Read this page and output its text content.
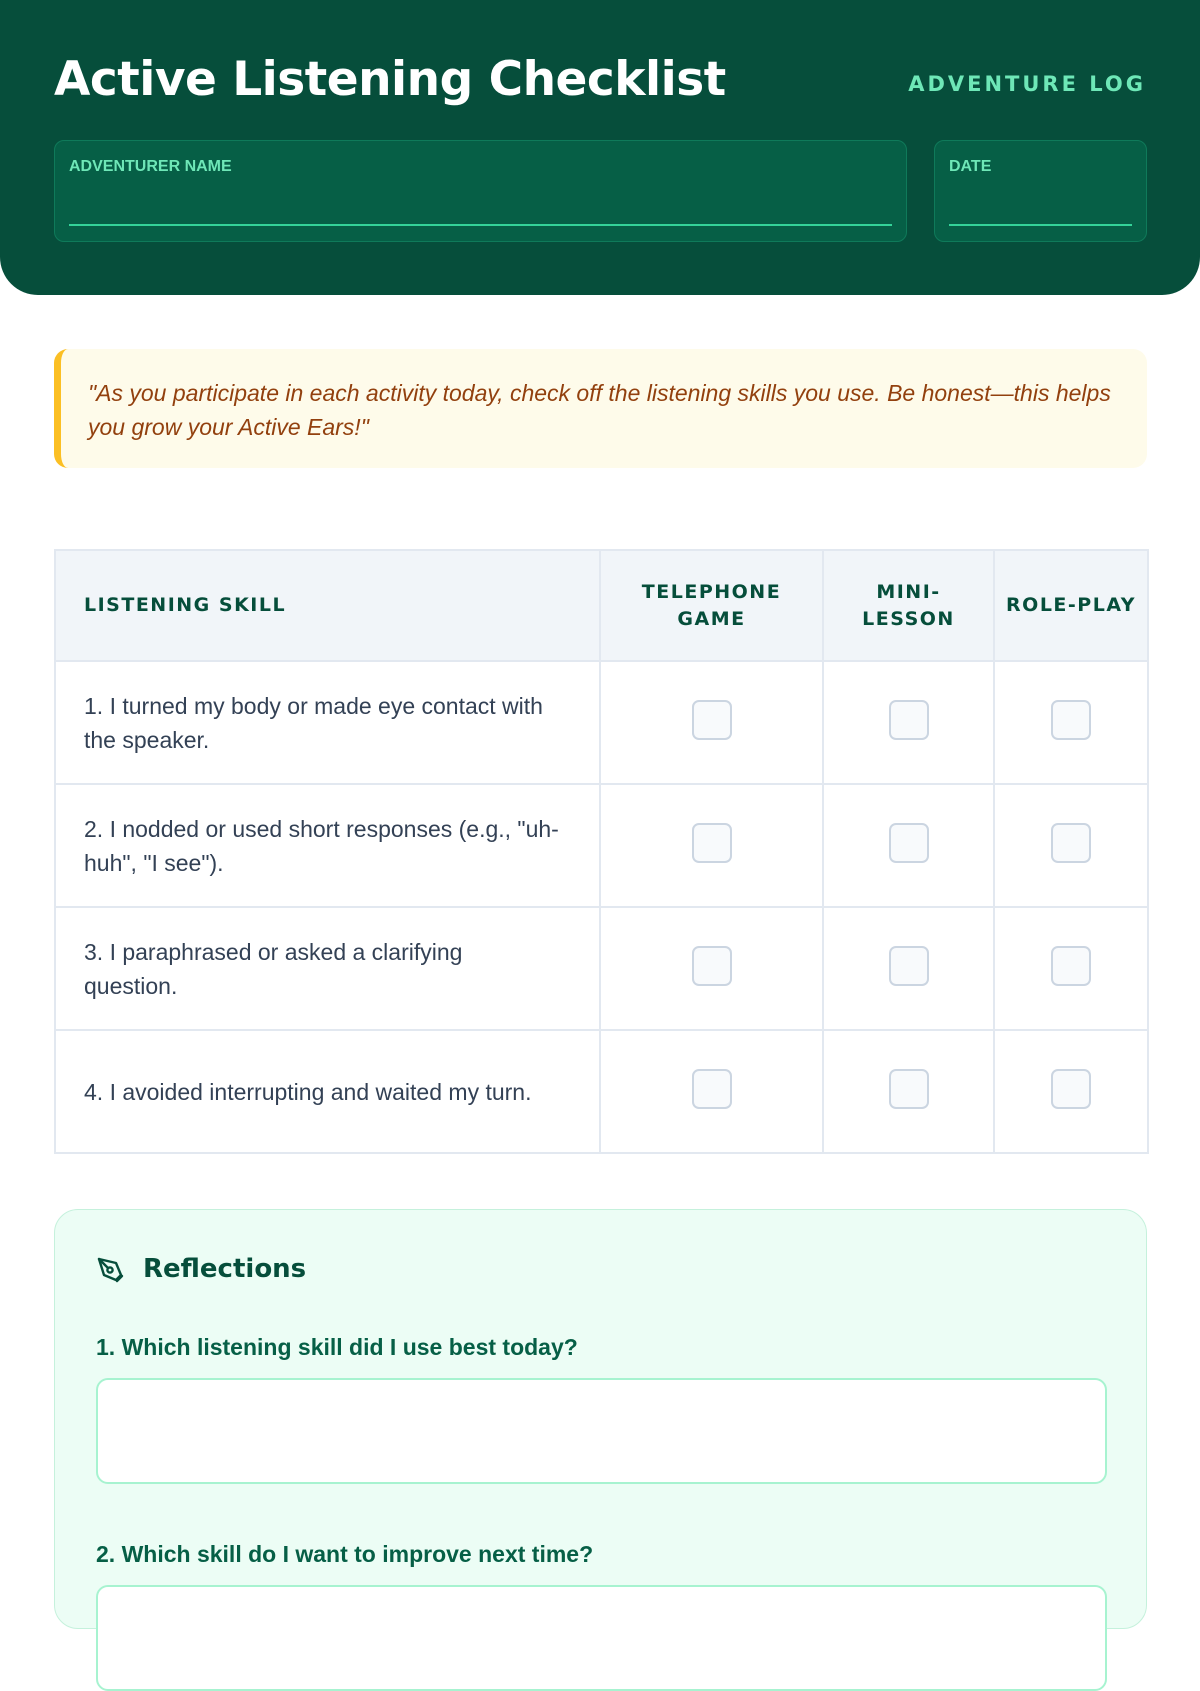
Active Listening Checklist	ADVENTURE LOG
ADVENTURER NAME	DATE
"As you participate in each activity today, check off the listening skills you use. Be honest—this helps you grow your Active Ears!"
LISTENING SKILL	TELEPHONE GAME	MINI-LESSON	ROLE-PLAY
1. I turned my body or made eye contact with the speaker.			
2. I nodded or used short responses (e.g., "uh-huh", "I see").			
3. I paraphrased or asked a clarifying question.			
4. I avoided interrupting and waited my turn.			
Reflections
1. Which listening skill did I use best today?
2. Which skill do I want to improve next time?
